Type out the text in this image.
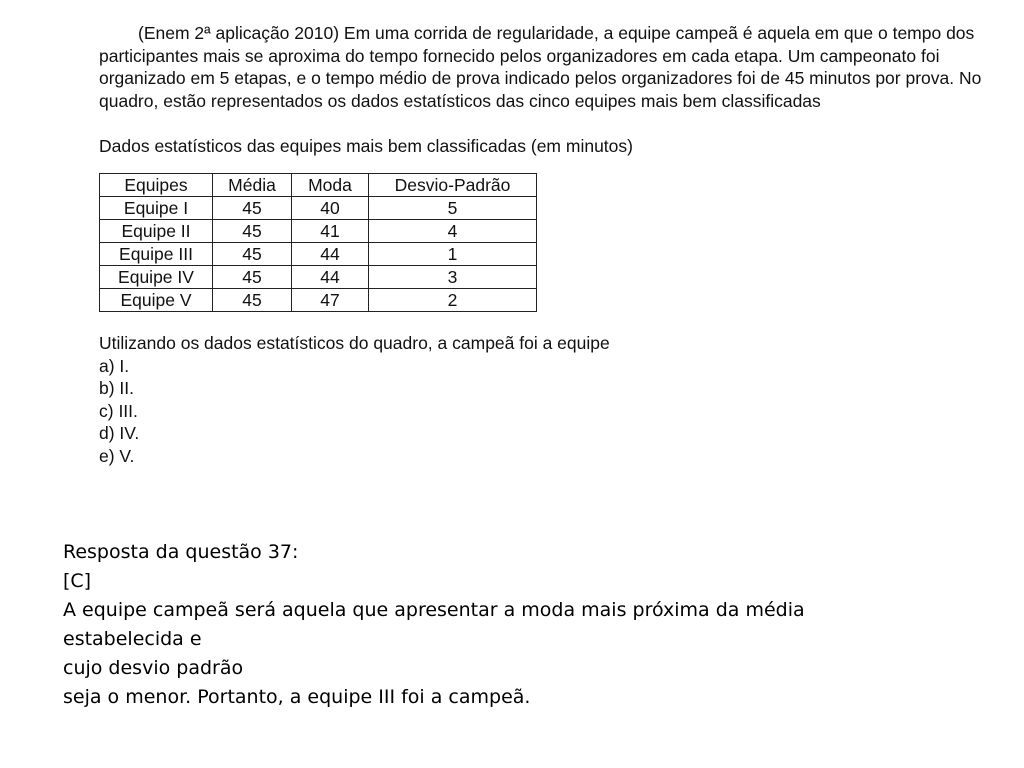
(Enem 2ª aplicação 2010) Em uma corrida de regularidade, a equipe campeã é aquela em que o tempo dos participantes mais se aproxima do tempo fornecido pelos organizadores em cada etapa. Um campeonato foi organizado em 5 etapas, e o tempo médio de prova indicado pelos organizadores foi de 45 minutos por prova. No quadro, estão representados os dados estatísticos das cinco equipes mais bem classificadas

Dados estatísticos das equipes mais bem classificadas (em minutos)

Equipes	Média	Moda	Desvio-Padrão
Equipe I	45	40	5
Equipe II	45	41	4
Equipe III	45	44	1
Equipe IV	45	44	3
Equipe V	45	47	2

Utilizando os dados estatísticos do quadro, a campeã foi a equipe

a) I.
b) II.
c) III.
d) IV.
e) V.
Resposta da questão 37:
[C]
A equipe campeã será aquela que apresentar a moda mais próxima da média
estabelecida e
cujo desvio padrão
seja o menor. Portanto, a equipe III foi a campeã.
